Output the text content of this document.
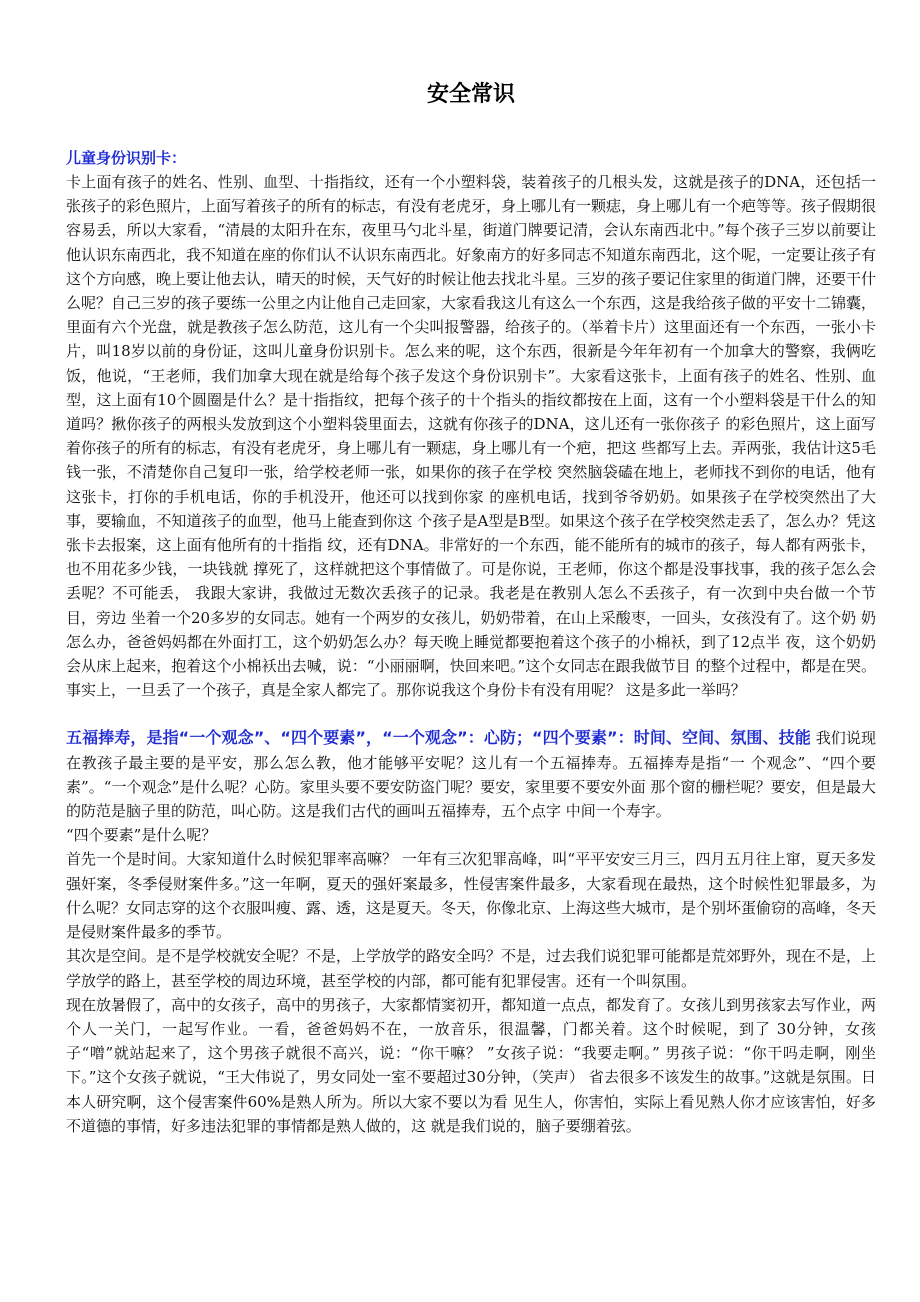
安全常识
儿童身份识别卡：

卡上面有孩子的姓名、性别、血型、十指指纹，还有一个小塑料袋，装着孩子的几根头发，这就是孩子的DNA，还包括一张孩子的彩色照片，上面写着孩子的所有的标志，有没有老虎牙，身上哪儿有一颗痣，身上哪儿有一个疤等等。孩子假期很容易丢，所以大家看，“清晨的太阳升在东，夜里马勺北斗星，街道门牌要记清，会认东南西北中。”每个孩子三岁以前要让他认识东南西北，我不知道在座的你们认不认识东南西北。好象南方的好多同志不知道东南西北，这个呢，一定要让孩子有这个方向感，晚上要让他去认，晴天的时候，天气好的时候让他去找北斗星。三岁的孩子要记住家里的街道门牌，还要干什么呢？自己三岁的孩子要练一公里之内让他自己走回家，大家看我这儿有这么一个东西，这是我给孩子做的平安十二锦囊，里面有六个光盘，就是教孩子怎么防范，这儿有一个尖叫报警器，给孩子的。（举着卡片）这里面还有一个东西，一张小卡片，叫18岁以前的身份证，这叫儿童身份识别卡。怎么来的呢，这个东西，很新是今年年初有一个加拿大的警察，我俩吃饭，他说，“王老师，我们加拿大现在就是给每个孩子发这个身份识别卡”。大家看这张卡，上面有孩子的姓名、性别、血型，这上面有10个圆圈是什么？是十指指纹，把每个孩子的十个指头的指纹都按在上面，这有一个小塑料袋是干什么的知道吗？揪你孩子的两根头发放到这个小塑料袋里面去，这就有你孩子的DNA，这儿还有一张你孩子 的彩色照片，这上面写着你孩子的所有的标志，有没有老虎牙，身上哪儿有一颗痣，身上哪儿有一个疤，把这 些都写上去。弄两张，我估计这5毛钱一张，不清楚你自己复印一张，给学校老师一张，如果你的孩子在学校 突然脑袋磕在地上，老师找不到你的电话，他有这张卡，打你的手机电话，你的手机没开，他还可以找到你家 的座机电话，找到爷爷奶奶。如果孩子在学校突然出了大事，要输血，不知道孩子的血型，他马上能查到你这 个孩子是A型是B型。如果这个孩子在学校突然走丢了，怎么办？凭这张卡去报案，这上面有他所有的十指指 纹，还有DNA。非常好的一个东西，能不能所有的城市的孩子，每人都有两张卡，也不用花多少钱，一块钱就 撑死了，这样就把这个事情做了。可是你说，王老师，你这个都是没事找事，我的孩子怎么会丢呢？不可能丢， 我跟大家讲，我做过无数次丢孩子的记录。我老是在教别人怎么不丢孩子，有一次到中央台做一个节目，旁边 坐着一个20多岁的女同志。她有一个两岁的女孩儿，奶奶带着，在山上采酸枣，一回头，女孩没有了。这个奶 奶怎么办，爸爸妈妈都在外面打工，这个奶奶怎么办？每天晚上睡觉都要抱着这个孩子的小棉袄，到了12点半 夜，这个奶奶会从床上起来，抱着这个小棉袄出去喊，说：“小丽丽啊，快回来吧。”这个女同志在跟我做节目 的整个过程中，都是在哭。事实上，一旦丢了一个孩子，真是全家人都完了。那你说我这个身份卡有没有用呢？ 这是多此一举吗？

五福捧寿，是指“一个观念”、“四个要素”，“一个观念”：心防；“四个要素”：时间、空间、氛围、技能 我们说现在教孩子最主要的是平安，那么怎么教，他才能够平安呢？这儿有一个五福捧寿。五福捧寿是指“一 个观念”、“四个要素”。“一个观念”是什么呢？心防。家里头要不要安防盗门呢？要安，家里要不要安外面 那个窗的栅栏呢？要安，但是最大的防范是脑子里的防范，叫心防。这是我们古代的画叫五福捧寿，五个点字 中间一个寿字。

“四个要素”是什么呢？

首先一个是时间。大家知道什么时候犯罪率高嘛？ 一年有三次犯罪高峰，叫“平平安安三月三，四月五月往上窜，夏天多发强奸案，冬季侵财案件多。”这一年啊，夏天的强奸案最多，性侵害案件最多，大家看现在最热，这个时候性犯罪最多，为什么呢？女同志穿的这个衣服叫瘦、露、透，这是夏天。冬天，你像北京、上海这些大城市，是个别坏蛋偷窃的高峰，冬天是侵财案件最多的季节。

其次是空间。是不是学校就安全呢？不是，上学放学的路安全吗？不是，过去我们说犯罪可能都是荒郊野外，现在不是，上学放学的路上，甚至学校的周边环境，甚至学校的内部，都可能有犯罪侵害。还有一个叫氛围。

现在放暑假了，高中的女孩子，高中的男孩子，大家都情窦初开，都知道一点点，都发育了。女孩儿到男孩家去写作业，两个人一关门，一起写作业。一看，爸爸妈妈不在，一放音乐，很温馨，门都关着。这个时候呢，到了 30分钟，女孩子“噌”就站起来了，这个男孩子就很不高兴，说：“你干嘛？ ”女孩子说：“我要走啊。” 男孩子说：“你干吗走啊，刚坐下。”这个女孩子就说，“王大伟说了，男女同处一室不要超过30分钟，（笑声） 省去很多不该发生的故事。”这就是氛围。日本人研究啊，这个侵害案件60%是熟人所为。所以大家不要以为看 见生人，你害怕，实际上看见熟人你才应该害怕，好多不道德的事情，好多违法犯罪的事情都是熟人做的，这 就是我们说的，脑子要绷着弦。
